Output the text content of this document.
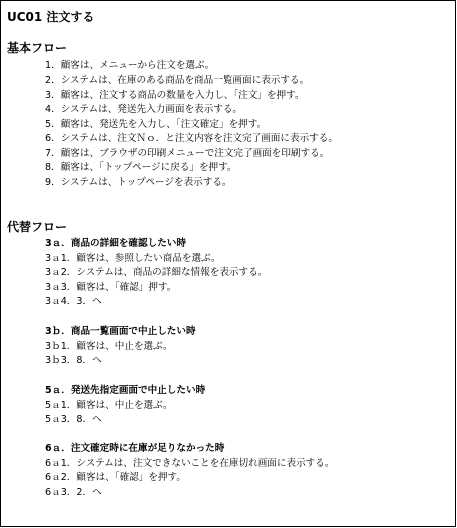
UC01 注文する
基本フロー
1．顧客は、メニューから注文を選ぶ。
2．システムは、在庫のある商品を商品一覧画面に表示する。
3．顧客は、注文する商品の数量を入力し、「注文」を押す。
4．システムは、発送先入力画面を表示する。
5．顧客は、発送先を入力し、「注文確定」を押す。
6．システムは、注文Ｎｏ．と注文内容を注文完了画面に表示する。
7．顧客は、ブラウザの印刷メニューで注文完了画面を印刷する。
8．顧客は、「トップページに戻る」を押す。
9．システムは、トップページを表示する。
代替フロー
3ａ．商品の詳細を確認したい時
3ａ1．顧客は、参照したい商品を選ぶ。
3ａ2．システムは、商品の詳細な情報を表示する。
3ａ3．顧客は、「確認」押す。
3ａ4．3．へ
3ｂ．商品一覧画面で中止したい時
3ｂ1．顧客は、中止を選ぶ。
3ｂ3．8．へ
5ａ．発送先指定画面で中止したい時
5ａ1．顧客は、中止を選ぶ。
5ａ3．8．へ
6ａ．注文確定時に在庫が足りなかった時
6ａ1．システムは、注文できないことを在庫切れ画面に表示する。
6ａ2．顧客は、「確認」を押す。
6ａ3．2．へ
